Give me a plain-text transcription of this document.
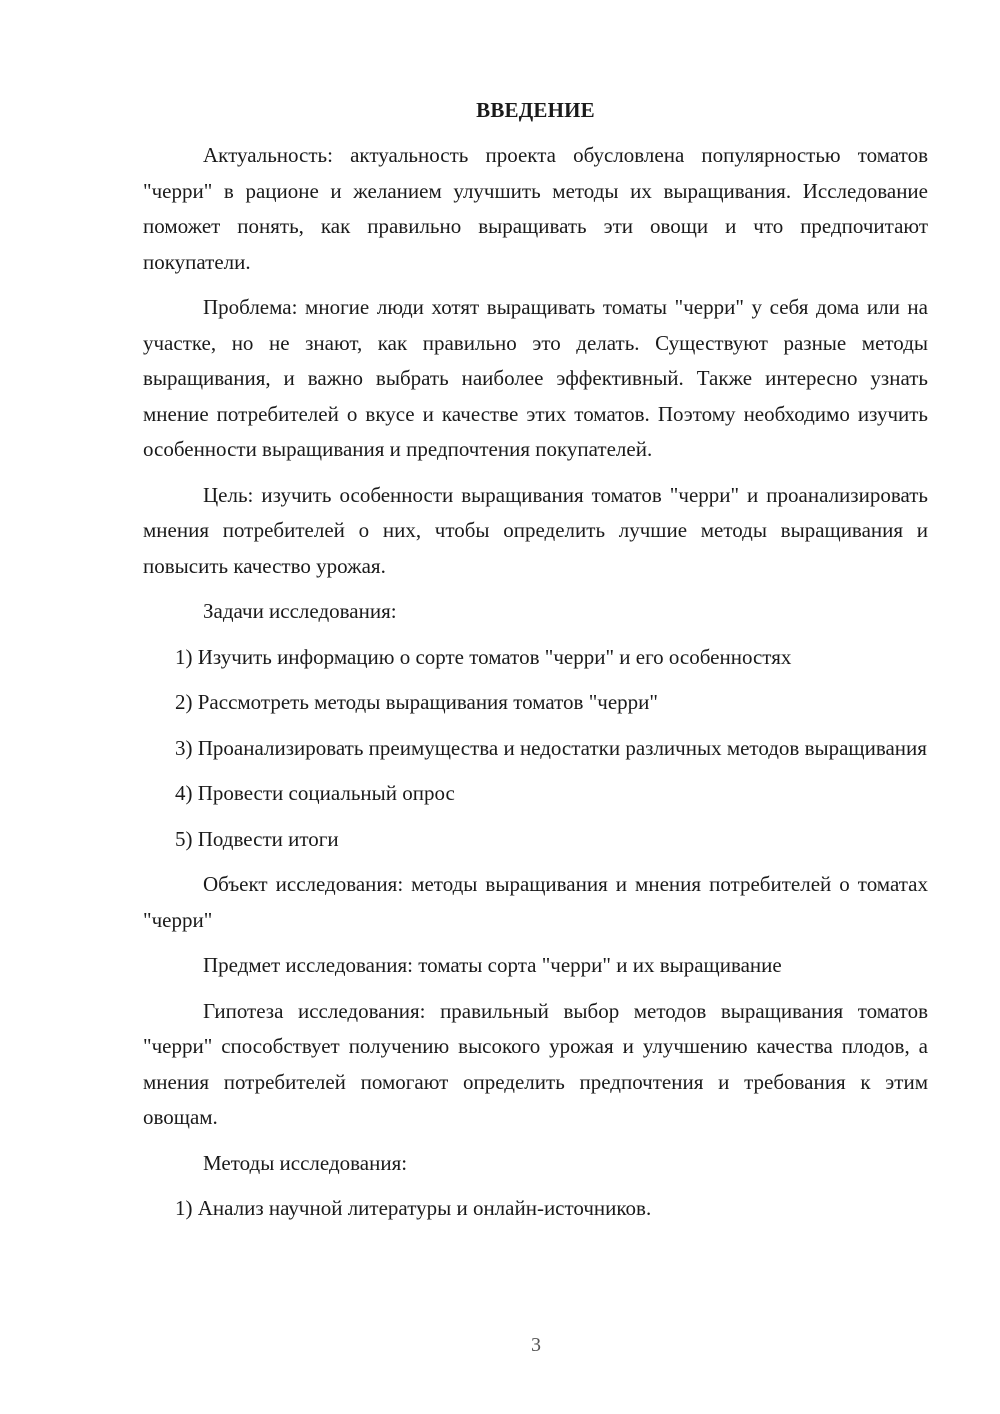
ВВЕДЕНИЕ

Актуальность: актуальность проекта обусловлена популярностью томатов "черри" в рационе и желанием улучшить методы их выращивания. Исследование поможет понять, как правильно выращивать эти овощи и что предпочитают покупатели.

Проблема: многие люди хотят выращивать томаты "черри" у себя дома или на участке, но не знают, как правильно это делать. Существуют разные методы выращивания, и важно выбрать наиболее эффективный. Также интересно узнать мнение потребителей о вкусе и качестве этих томатов. Поэтому необходимо изучить особенности выращивания и предпочтения покупателей.

Цель: изучить особенности выращивания томатов "черри" и проанализировать мнения потребителей о них, чтобы определить лучшие методы выращивания и повысить качество урожая.

Задачи исследования:

1) Изучить информацию о сорте томатов "черри" и его особенностях

2) Рассмотреть методы выращивания томатов "черри"

3) Проанализировать преимущества и недостатки различных методов выращивания

4) Провести социальный опрос

5) Подвести итоги

Объект исследования: методы выращивания и мнения потребителей о томатах "черри"

Предмет исследования: томаты сорта "черри" и их выращивание

Гипотеза исследования: правильный выбор методов выращивания томатов "черри" способствует получению высокого урожая и улучшению качества плодов, а мнения потребителей помогают определить предпочтения и требования к этим овощам.

Методы исследования:

1) Анализ научной литературы и онлайн-источников.

3
